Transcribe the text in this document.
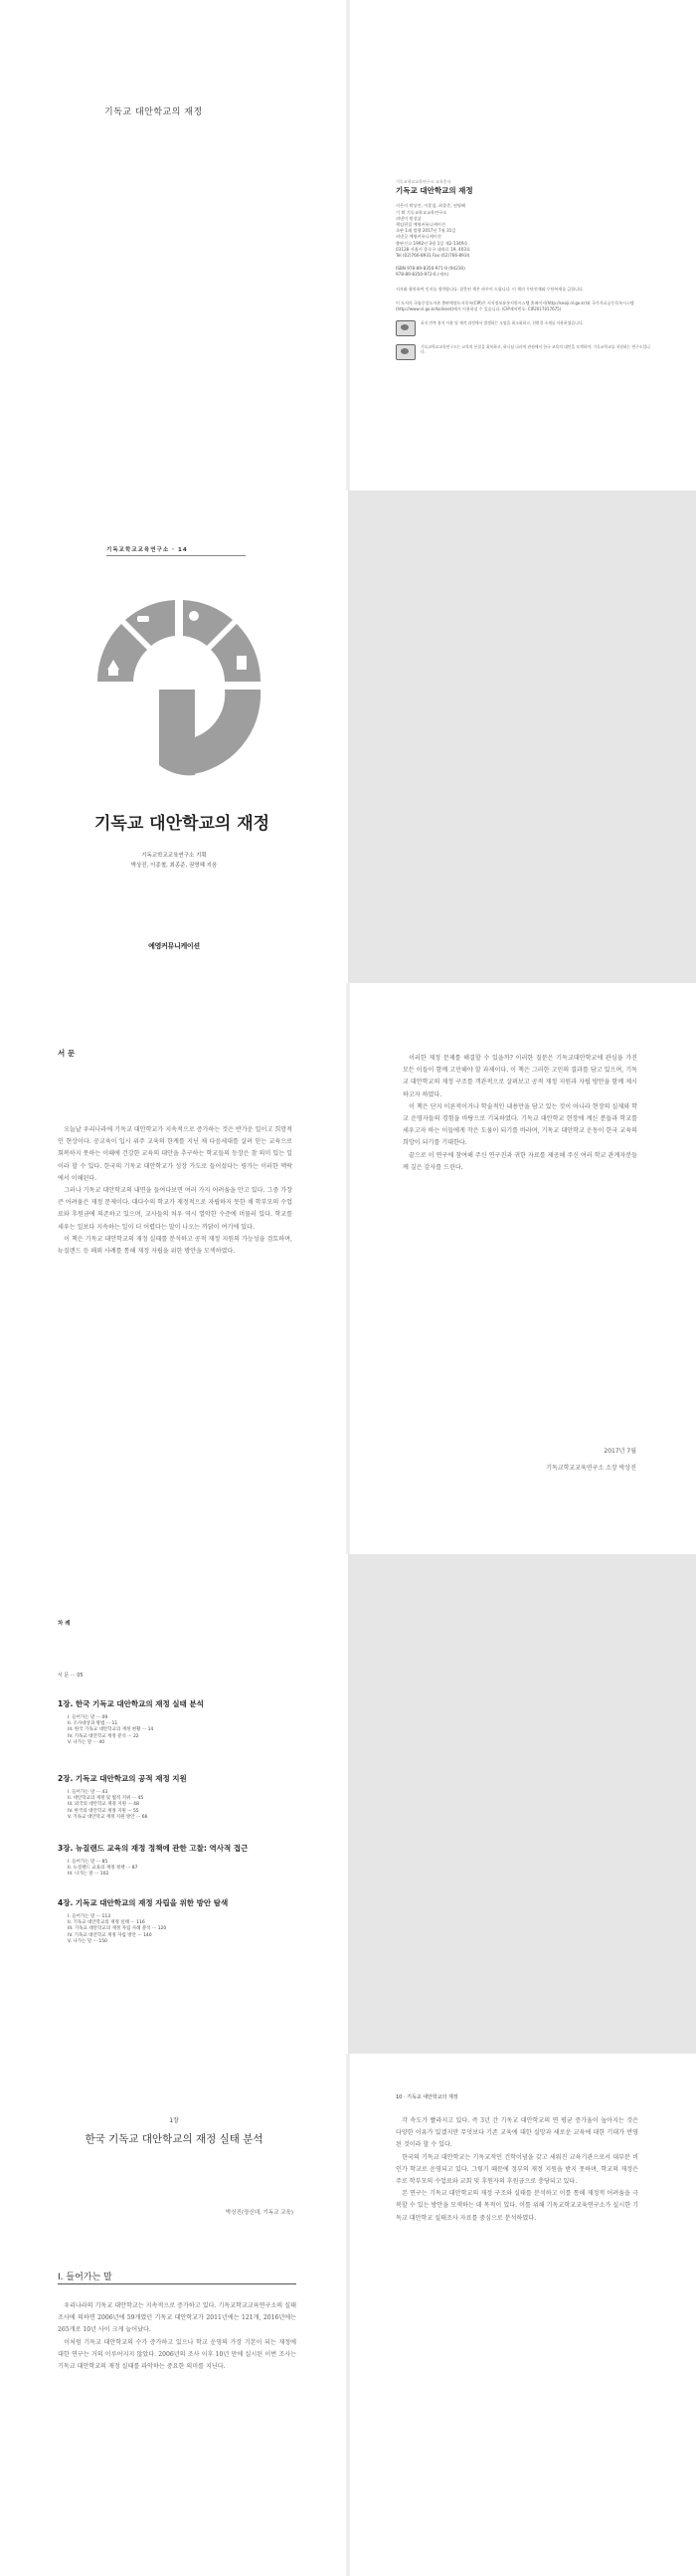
기독교 대안학교의 재정
기독교학교교육연구소 교육총서
기독교 대안학교의 재정
지은이 박상진, 이종철, 최종준, 권영혜
기 획 기독교학교교육연구소
펴낸이 원성삼
책임편집 예영커뮤니케이션
초판 1쇄 발행 2017년 7월 31일
펴낸곳 예영커뮤니케이션
출판신고 1992년 3월 1일 제2-1349호
03128 서울시 종로구 대학로 19, 403호
Tel (02)766-8931 Fax (02)766-8934
ISBN 978-89-8350-971-9 (94230)
978-89-8350-972-6 (세트)
저자와 협의하여 인지를 생략합니다. 잘못된 책은 바꾸어 드립니다. 이 책의 무단전재와 무단복제를 금합니다.
이 도서의 국립중앙도서관 출판예정도서목록(CIP)은 서지정보유통지원시스템 홈페이지(http://seoji.nl.go.kr)와 국가자료공동목록시스템(http://www.nl.go.kr/kolisnet)에서 이용하실 수 있습니다. (CIP제어번호: CIP2017017675)
표지 안쪽 용지 사용 및 제작 과정에서 발생하는 오염을 최소화하고, 친환경 소재를 사용하였습니다.
기독교학교교육연구소는 교육의 본질을 회복하고, 하나님 나라의 관점에서 한국 교육의 대안을 모색하며, 기독교학교를 지원하는 연구소입니다.
기독교학교교육연구소 · 14
기독교 대안학교의 재정
기독교학교교육연구소 기획
박상진, 이종철, 최종준, 권영혜 지음
예영커뮤니케이션
서 문

오늘날 우리나라에 기독교 대안학교가 지속적으로 증가하는 것은 반가운 일이고 희망적인 현상이다. 공교육이 입시 위주 교육의 한계를 지닌 채 다음세대를 살려 믿는 교육으로 회복하지 못하는 이때에 건강한 교육의 대안을 추구하는 학교들의 등장은 참 의미 있는 일이라 할 수 있다. 한국의 기독교 대안학교가 성장 가도로 들어섰다는 평가는 이러한 맥락에서 이해된다.

그러나 기독교 대안학교의 내면을 들여다보면 여러 가지 어려움을 안고 있다. 그중 가장 큰 어려움은 재정 문제이다. 대다수의 학교가 재정적으로 자립하지 못한 채 학부모의 수업료와 후원금에 의존하고 있으며, 교사들의 처우 역시 열악한 수준에 머물러 있다. 학교를 세우는 일보다 지속하는 일이 더 어렵다는 말이 나오는 까닭이 여기에 있다.

이 책은 기독교 대안학교의 재정 실태를 분석하고 공적 재정 지원의 가능성을 검토하며, 뉴질랜드 등 해외 사례를 통해 재정 자립을 위한 방안을 모색하였다.

이러한 재정 문제를 해결할 수 있을까? 이러한 질문은 기독교대안학교에 관심을 가진 모든 이들이 함께 고민해야 할 과제이다. 이 책은 그러한 고민의 결과를 담고 있으며, 기독교 대안학교의 재정 구조를 객관적으로 살펴보고 공적 재정 지원과 자립 방안을 함께 제시하고자 하였다.

이 책은 단지 이론적이거나 학술적인 내용만을 담고 있는 것이 아니라 현장의 실제와 학교 운영자들의 경험을 바탕으로 기록하였다. 기독교 대안학교 현장에 계신 분들과 학교를 세우고자 하는 이들에게 작은 도움이 되기를 바라며, 기독교 대안학교 운동이 한국 교육의 희망이 되기를 기대한다.

끝으로 이 연구에 참여해 주신 연구진과 귀한 자료를 제공해 주신 여러 학교 관계자분들께 깊은 감사를 드린다.

2017년 7월
기독교학교교육연구소 소장 박상진
차 례
서 문 ··· 05
1장. 한국 기독교 대안학교의 재정 실태 분석
I. 들어가는 말 ··· 09
II. 조사대상과 방법 ··· 11
III. 한국 기독교 대안학교의 재정 현황 ··· 14
IV. 기독교 대안학교 재정 분석 ··· 22
V. 나가는 말 ··· 40
2장. 기독교 대안학교의 공적 재정 지원
I. 들어가는 말 ··· 43
II. 대안학교의 재정 및 법적 지위 ··· 45
III. 외국의 대안학교 재정 지원 ··· 48
IV. 한국의 대안학교 재정 지원 ··· 55
V. 기독교 대안학교 재정 지원 방안 ··· 66
3장. 뉴질랜드 교육의 재정 정책에 관한 고찰: 역사적 접근
I. 들어가는 말 ··· 85
II. 뉴질랜드 교육의 재정 정책 ··· 87
III. 나가는 말 ··· 102
4장. 기독교 대안학교의 재정 자립을 위한 방안 탐색
I. 들어가는 말 ··· 113
II. 기독교 대안학교의 재정 실태 ··· 116
III. 기독교 대안학교의 재정 자립 사례 분석 ··· 120
IV. 기독교 대안학교 재정 자립 방안 ··· 140
V. 나가는 말 ··· 150
1장
한국 기독교 대안학교의 재정 실태 분석
박상진(장신대, 기독교 교육)
I. 들어가는 말

우리나라의 기독교 대안학교는 지속적으로 증가하고 있다. 기독교학교교육연구소의 실태조사에 의하면 2006년에 59개였던 기독교 대안학교가 2011년에는 121개, 2016년에는 265개로 10년 사이 크게 늘어났다.

이처럼 기독교 대안학교의 수가 증가하고 있으나 학교 운영의 가장 기본이 되는 재정에 대한 연구는 거의 이루어지지 않았다. 2006년의 조사 이후 10년 만에 실시된 이번 조사는 기독교 대안학교의 재정 실태를 파악하는 중요한 의미를 지닌다.

10 · 기독교 대안학교의 재정

각 속도가 빨라지고 있다. 즉 3년 간 기독교 대안학교의 연 평균 증가율이 높아지는 것은 다양한 이유가 있겠지만 무엇보다 기존 교육에 대한 실망과 새로운 교육에 대한 기대가 반영된 것이라 할 수 있다.

한국의 기독교 대안학교는 기독교적인 건학이념을 갖고 세워진 교육기관으로서 대부분 비인가 학교로 운영되고 있다. 그렇기 때문에 정부의 재정 지원을 받지 못하며, 학교의 재정은 주로 학부모의 수업료와 교회 및 후원자의 후원금으로 충당되고 있다.

본 연구는 기독교 대안학교의 재정 구조와 실태를 분석하고 이를 통해 재정적 어려움을 극복할 수 있는 방안을 모색하는 데 목적이 있다. 이를 위해 기독교학교교육연구소가 실시한 기독교 대안학교 실태조사 자료를 중심으로 분석하였다.
